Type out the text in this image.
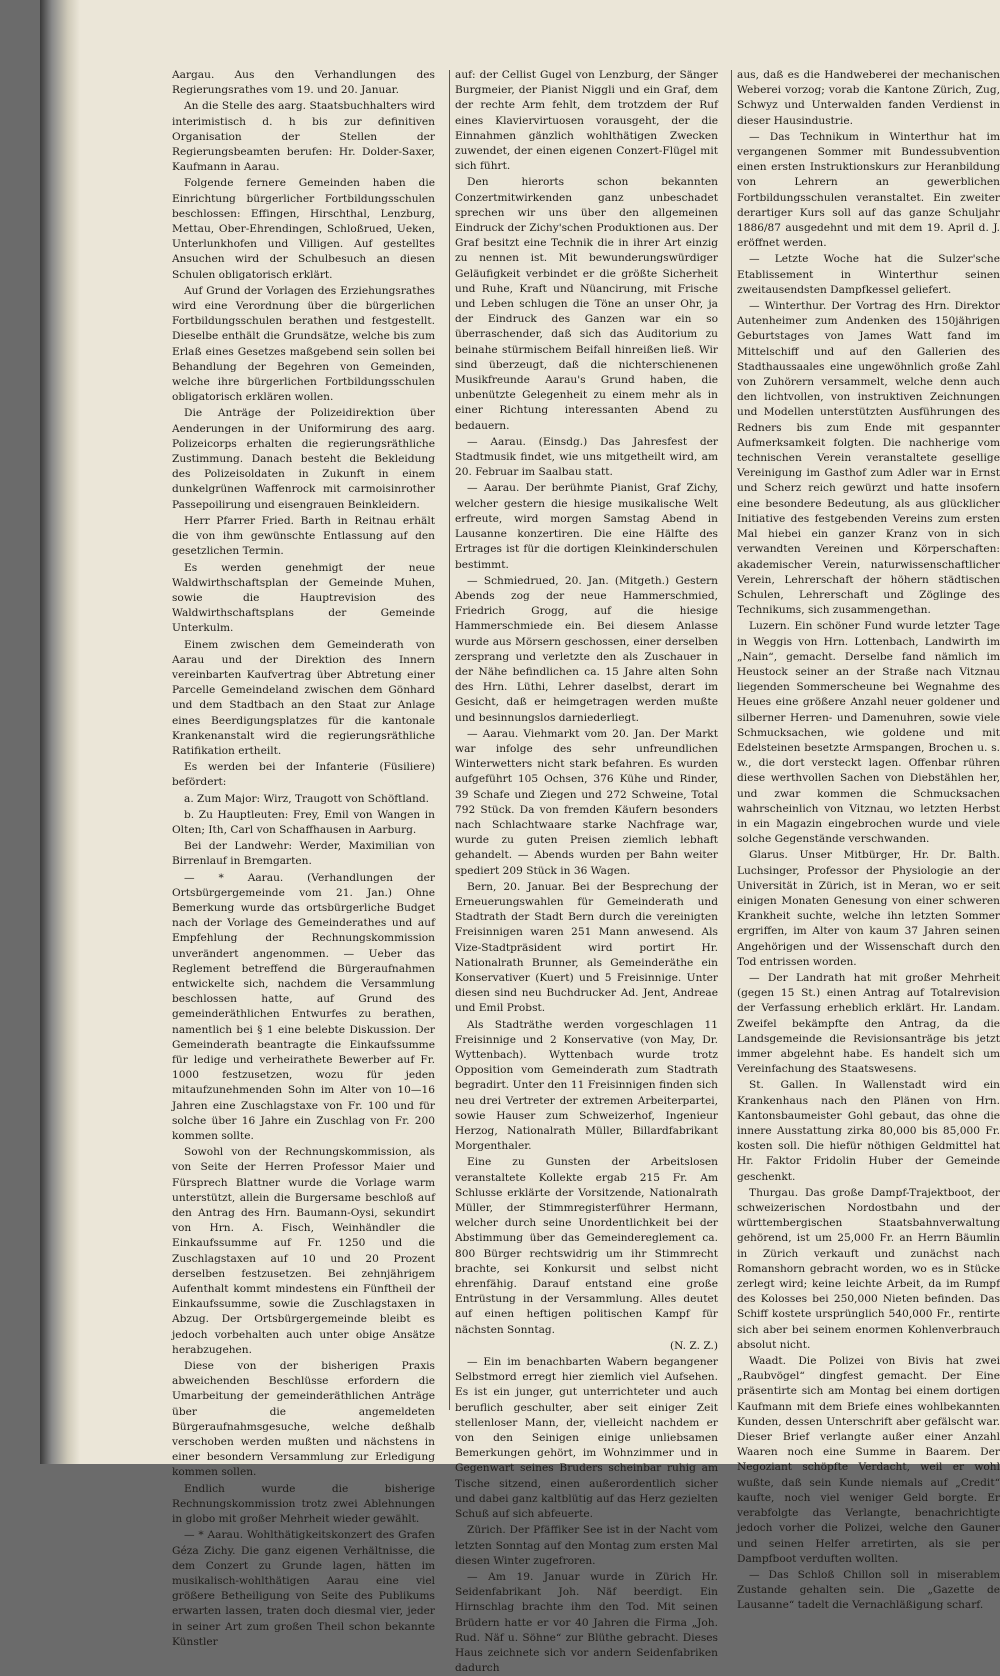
Aargau. Aus den Verhandlungen des Regierungsrathes vom 19. und 20. Januar.

An die Stelle des aarg. Staatsbuchhalters wird interimistisch d. h bis zur definitiven Organisation der Stellen der Regierungsbeamten berufen: Hr. Dolder-Saxer, Kaufmann in Aarau.

Folgende fernere Gemeinden haben die Einrichtung bürgerlicher Fortbildungsschulen beschlossen: Effingen, Hirschthal, Lenzburg, Mettau, Ober-Ehrendingen, Schloßrued, Ueken, Unterlunkhofen und Villigen. Auf gestelltes Ansuchen wird der Schulbesuch an diesen Schulen obligatorisch erklärt.

Auf Grund der Vorlagen des Erziehungsrathes wird eine Verordnung über die bürgerlichen Fortbildungsschulen berathen und festgestellt. Dieselbe enthält die Grundsätze, welche bis zum Erlaß eines Gesetzes maßgebend sein sollen bei Behandlung der Begehren von Gemeinden, welche ihre bürgerlichen Fortbildungsschulen obligatorisch erklären wollen.

Die Anträge der Polizeidirektion über Aenderungen in der Uniformirung des aarg. Polizeicorps erhalten die regierungsräthliche Zustimmung. Danach besteht die Bekleidung des Polizeisoldaten in Zukunft in einem dunkelgrünen Waffenrock mit carmoisinrother Passepoilirung und eisengrauen Beinkleidern.

Herr Pfarrer Fried. Barth in Reitnau erhält die von ihm gewünschte Entlassung auf den gesetzlichen Termin.

Es werden genehmigt der neue Waldwirthschaftsplan der Gemeinde Muhen, sowie die Hauptrevision des Waldwirthschaftsplans der Gemeinde Unterkulm.

Einem zwischen dem Gemeinderath von Aarau und der Direktion des Innern vereinbarten Kaufvertrag über Abtretung einer Parcelle Gemeindeland zwischen dem Gönhard und dem Stadtbach an den Staat zur Anlage eines Beerdigungsplatzes für die kantonale Krankenanstalt wird die regierungsräthliche Ratifikation ertheilt.

Es werden bei der Infanterie (Füsiliere) befördert:

a. Zum Major: Wirz, Traugott von Schöftland.

b. Zu Hauptleuten: Frey, Emil von Wangen in Olten; Ith, Carl von Schaffhausen in Aarburg.

Bei der Landwehr: Werder, Maximilian von Birrenlauf in Bremgarten.

— * Aarau. (Verhandlungen der Ortsbürgergemeinde vom 21. Jan.) Ohne Bemerkung wurde das ortsbürgerliche Budget nach der Vorlage des Gemeinderathes und auf Empfehlung der Rechnungskommission unverändert angenommen. — Ueber das Reglement betreffend die Bürgeraufnahmen entwickelte sich, nachdem die Versammlung beschlossen hatte, auf Grund des gemeinderäthlichen Entwurfes zu berathen, namentlich bei § 1 eine belebte Diskussion. Der Gemeinderath beantragte die Einkaufssumme für ledige und verheirathete Bewerber auf Fr. 1000 festzusetzen, wozu für jeden mitaufzunehmenden Sohn im Alter von 10—16 Jahren eine Zuschlagstaxe von Fr. 100 und für solche über 16 Jahre ein Zuschlag von Fr. 200 kommen sollte.

Sowohl von der Rechnungskommission, als von Seite der Herren Professor Maier und Fürsprech Blattner wurde die Vorlage warm unterstützt, allein die Burgersame beschloß auf den Antrag des Hrn. Baumann-Oysi, sekundirt von Hrn. A. Fisch, Weinhändler die Einkaufssumme auf Fr. 1250 und die Zuschlagstaxen auf 10 und 20 Prozent derselben festzusetzen. Bei zehnjährigem Aufenthalt kommt mindestens ein Fünftheil der Einkaufssumme, sowie die Zuschlagstaxen in Abzug. Der Ortsbürgergemeinde bleibt es jedoch vorbehalten auch unter obige Ansätze herabzugehen.

Diese von der bisherigen Praxis abweichenden Beschlüsse erfordern die Umarbeitung der gemeinderäthlichen Anträge über die angemeldeten Bürgeraufnahmsgesuche, welche deßhalb verschoben werden mußten und nächstens in einer besondern Versammlung zur Erledigung kommen sollen.

Endlich wurde die bisherige Rechnungskommission trotz zwei Ablehnungen in globo mit großer Mehrheit wieder gewählt.

— * Aarau. Wohlthätigkeitskonzert des Grafen Géza Zichy. Die ganz eigenen Verhältnisse, die dem Conzert zu Grunde lagen, hätten im musikalisch-wohlthätigen Aarau eine viel größere Betheiligung von Seite des Publikums erwarten lassen, traten doch diesmal vier, jeder in seiner Art zum großen Theil schon bekannte Künstler

auf: der Cellist Gugel von Lenzburg, der Sänger Burgmeier, der Pianist Niggli und ein Graf, dem der rechte Arm fehlt, dem trotzdem der Ruf eines Klaviervirtuosen vorausgeht, der die Einnahmen gänzlich wohlthätigen Zwecken zuwendet, der einen eigenen Conzert-Flügel mit sich führt.

Den hierorts schon bekannten Conzertmitwirkenden ganz unbeschadet sprechen wir uns über den allgemeinen Eindruck der Zichy'schen Produktionen aus. Der Graf besitzt eine Technik die in ihrer Art einzig zu nennen ist. Mit bewunderungswürdiger Geläufigkeit verbindet er die größte Sicherheit und Ruhe, Kraft und Nüancirung, mit Frische und Leben schlugen die Töne an unser Ohr, ja der Eindruck des Ganzen war ein so überraschender, daß sich das Auditorium zu beinahe stürmischem Beifall hinreißen ließ. Wir sind überzeugt, daß die nichterschienenen Musikfreunde Aarau's Grund haben, die unbenützte Gelegenheit zu einem mehr als in einer Richtung interessanten Abend zu bedauern.

— Aarau. (Einsdg.) Das Jahresfest der Stadtmusik findet, wie uns mitgetheilt wird, am 20. Februar im Saalbau statt.

— Aarau. Der berühmte Pianist, Graf Zichy, welcher gestern die hiesige musikalische Welt erfreute, wird morgen Samstag Abend in Lausanne konzertiren. Die eine Hälfte des Ertrages ist für die dortigen Kleinkinderschulen bestimmt.

— Schmiedrued, 20. Jan. (Mitgeth.) Gestern Abends zog der neue Hammerschmied, Friedrich Grogg, auf die hiesige Hammerschmiede ein. Bei diesem Anlasse wurde aus Mörsern geschossen, einer derselben zersprang und verletzte den als Zuschauer in der Nähe befindlichen ca. 15 Jahre alten Sohn des Hrn. Lüthi, Lehrer daselbst, derart im Gesicht, daß er heimgetragen werden mußte und besinnungslos darniederliegt.

— Aarau. Viehmarkt vom 20. Jan. Der Markt war infolge des sehr unfreundlichen Winterwetters nicht stark befahren. Es wurden aufgeführt 105 Ochsen, 376 Kühe und Rinder, 39 Schafe und Ziegen und 272 Schweine, Total 792 Stück. Da von fremden Käufern besonders nach Schlachtwaare starke Nachfrage war, wurde zu guten Preisen ziemlich lebhaft gehandelt. — Abends wurden per Bahn weiter spediert 209 Stück in 36 Wagen.

Bern, 20. Januar. Bei der Besprechung der Erneuerungswahlen für Gemeinderath und Stadtrath der Stadt Bern durch die vereinigten Freisinnigen waren 251 Mann anwesend. Als Vize-Stadtpräsident wird portirt Hr. Nationalrath Brunner, als Gemeinderäthe ein Konservativer (Kuert) und 5 Freisinnige. Unter diesen sind neu Buchdrucker Ad. Jent, Andreae und Emil Probst.

Als Stadträthe werden vorgeschlagen 11 Freisinnige und 2 Konservative (von May, Dr. Wyttenbach). Wyttenbach wurde trotz Opposition vom Gemeinderath zum Stadtrath begradirt. Unter den 11 Freisinnigen finden sich neu drei Vertreter der extremen Arbeiterpartei, sowie Hauser zum Schweizerhof, Ingenieur Herzog, Nationalrath Müller, Billardfabrikant Morgenthaler.

Eine zu Gunsten der Arbeitslosen veranstaltete Kollekte ergab 215 Fr. Am Schlusse erklärte der Vorsitzende, Nationalrath Müller, der Stimmregisterführer Hermann, welcher durch seine Unordentlichkeit bei der Abstimmung über das Gemeindereglement ca. 800 Bürger rechtswidrig um ihr Stimmrecht brachte, sei Konkursit und selbst nicht ehrenfähig. Darauf entstand eine große Entrüstung in der Versammlung. Alles deutet auf einen heftigen politischen Kampf für nächsten Sonntag.

(N. Z. Z.)

— Ein im benachbarten Wabern begangener Selbstmord erregt hier ziemlich viel Aufsehen. Es ist ein junger, gut unterrichteter und auch beruflich geschulter, aber seit einiger Zeit stellenloser Mann, der, vielleicht nachdem er von den Seinigen einige unliebsamen Bemerkungen gehört, im Wohnzimmer und in Gegenwart seines Bruders scheinbar ruhig am Tische sitzend, einen außerordentlich sicher und dabei ganz kaltblütig auf das Herz gezielten Schuß auf sich abfeuerte.

Zürich. Der Pfäffiker See ist in der Nacht vom letzten Sonntag auf den Montag zum ersten Mal diesen Winter zugefroren.

— Am 19. Januar wurde in Zürich Hr. Seidenfabrikant Joh. Näf beerdigt. Ein Hirnschlag brachte ihm den Tod. Mit seinen Brüdern hatte er vor 40 Jahren die Firma „Joh. Rud. Näf u. Söhne“ zur Blüthe gebracht. Dieses Haus zeichnete sich vor andern Seidenfabriken dadurch

aus, daß es die Handweberei der mechanischen Weberei vorzog; vorab die Kantone Zürich, Zug, Schwyz und Unterwalden fanden Verdienst in dieser Hausindustrie.

— Das Technikum in Winterthur hat im vergangenen Sommer mit Bundessubvention einen ersten Instruktionskurs zur Heranbildung von Lehrern an gewerblichen Fortbildungsschulen veranstaltet. Ein zweiter derartiger Kurs soll auf das ganze Schuljahr 1886/87 ausgedehnt und mit dem 19. April d. J. eröffnet werden.

— Letzte Woche hat die Sulzer'sche Etablissement in Winterthur seinen zweitausendsten Dampfkessel geliefert.

— Winterthur. Der Vortrag des Hrn. Direktor Autenheimer zum Andenken des 150jährigen Geburtstages von James Watt fand im Mittelschiff und auf den Gallerien des Stadthaussaales eine ungewöhnlich große Zahl von Zuhörern versammelt, welche denn auch den lichtvollen, von instruktiven Zeichnungen und Modellen unterstützten Ausführungen des Redners bis zum Ende mit gespannter Aufmerksamkeit folgten. Die nachherige vom technischen Verein veranstaltete gesellige Vereinigung im Gasthof zum Adler war in Ernst und Scherz reich gewürzt und hatte insofern eine besondere Bedeutung, als aus glücklicher Initiative des festgebenden Vereins zum ersten Mal hiebei ein ganzer Kranz von in sich verwandten Vereinen und Körperschaften: akademischer Verein, naturwissenschaftlicher Verein, Lehrerschaft der höhern städtischen Schulen, Lehrerschaft und Zöglinge des Technikums, sich zusammengethan.

Luzern. Ein schöner Fund wurde letzter Tage in Weggis von Hrn. Lottenbach, Landwirth im „Nain“, gemacht. Derselbe fand nämlich im Heustock seiner an der Straße nach Vitznau liegenden Sommerscheune bei Wegnahme des Heues eine größere Anzahl neuer goldener und silberner Herren- und Damenuhren, sowie viele Schmucksachen, wie goldene und mit Edelsteinen besetzte Armspangen, Brochen u. s. w., die dort versteckt lagen. Offenbar rühren diese werthvollen Sachen von Diebstählen her, und zwar kommen die Schmucksachen wahrscheinlich von Vitznau, wo letzten Herbst in ein Magazin eingebrochen wurde und viele solche Gegenstände verschwanden.

Glarus. Unser Mitbürger, Hr. Dr. Balth. Luchsinger, Professor der Physiologie an der Universität in Zürich, ist in Meran, wo er seit einigen Monaten Genesung von einer schweren Krankheit suchte, welche ihn letzten Sommer ergriffen, im Alter von kaum 37 Jahren seinen Angehörigen und der Wissenschaft durch den Tod entrissen worden.

— Der Landrath hat mit großer Mehrheit (gegen 15 St.) einen Antrag auf Totalrevision der Verfassung erheblich erklärt. Hr. Landam. Zweifel bekämpfte den Antrag, da die Landsgemeinde die Revisionsanträge bis jetzt immer abgelehnt habe. Es handelt sich um Vereinfachung des Staatswesens.

St. Gallen. In Wallenstadt wird ein Krankenhaus nach den Plänen von Hrn. Kantonsbaumeister Gohl gebaut, das ohne die innere Ausstattung zirka 80,000 bis 85,000 Fr. kosten soll. Die hiefür nöthigen Geldmittel hat Hr. Faktor Fridolin Huber der Gemeinde geschenkt.

Thurgau. Das große Dampf-Trajektboot, der schweizerischen Nordostbahn und der württembergischen Staatsbahnverwaltung gehörend, ist um 25,000 Fr. an Herrn Bäumlin in Zürich verkauft und zunächst nach Romanshorn gebracht worden, wo es in Stücke zerlegt wird; keine leichte Arbeit, da im Rumpf des Kolosses bei 250,000 Nieten befinden. Das Schiff kostete ursprünglich 540,000 Fr., rentirte sich aber bei seinem enormen Kohlenverbrauch absolut nicht.

Waadt. Die Polizei von Bivis hat zwei „Raubvögel“ dingfest gemacht. Der Eine präsentirte sich am Montag bei einem dortigen Kaufmann mit dem Briefe eines wohlbekannten Kunden, dessen Unterschrift aber gefälscht war. Dieser Brief verlangte außer einer Anzahl Waaren noch eine Summe in Baarem. Der Negoziant schöpfte Verdacht, weil er wohl wußte, daß sein Kunde niemals auf „Credit“ kaufte, noch viel weniger Geld borgte. Er verabfolgte das Verlangte, benachrichtigte jedoch vorher die Polizei, welche den Gauner und seinen Helfer arretirten, als sie per Dampfboot verduften wollten.

— Das Schloß Chillon soll in miserablem Zustande gehalten sein. Die „Gazette de Lausanne“ tadelt die Vernachläßigung scharf.
